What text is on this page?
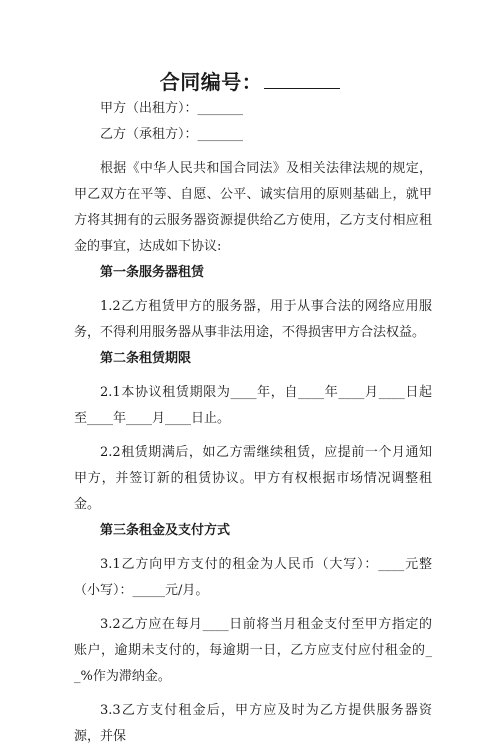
合同编号：

甲方（出租方）：_______

乙方（承租方）：_______

根据《中华人民共和国合同法》及相关法律法规的规定，甲乙双方在平等、自愿、公平、诚实信用的原则基础上，就甲方将其拥有的云服务器资源提供给乙方使用，乙方支付相应租金的事宜，达成如下协议:

第一条服务器租赁

1.2乙方租赁甲方的服务器，用于从事合法的网络应用服务，不得利用服务器从事非法用途，不得损害甲方合法权益。

第二条租赁期限

2.1本协议租赁期限为____年，自____年____月____日起至____年____月____日止。

2.2租赁期满后，如乙方需继续租赁，应提前一个月通知甲方，并签订新的租赁协议。甲方有权根据市场情况调整租金。

第三条租金及支付方式

3.1乙方向甲方支付的租金为人民币（大写）：____元整（小写）：_____元/月。

3.2乙方应在每月____日前将当月租金支付至甲方指定的账户，逾期未支付的，每逾期一日，乙方应支付应付租金的__%作为滞纳金。

3.3乙方支付租金后，甲方应及时为乙方提供服务器资源，并保
